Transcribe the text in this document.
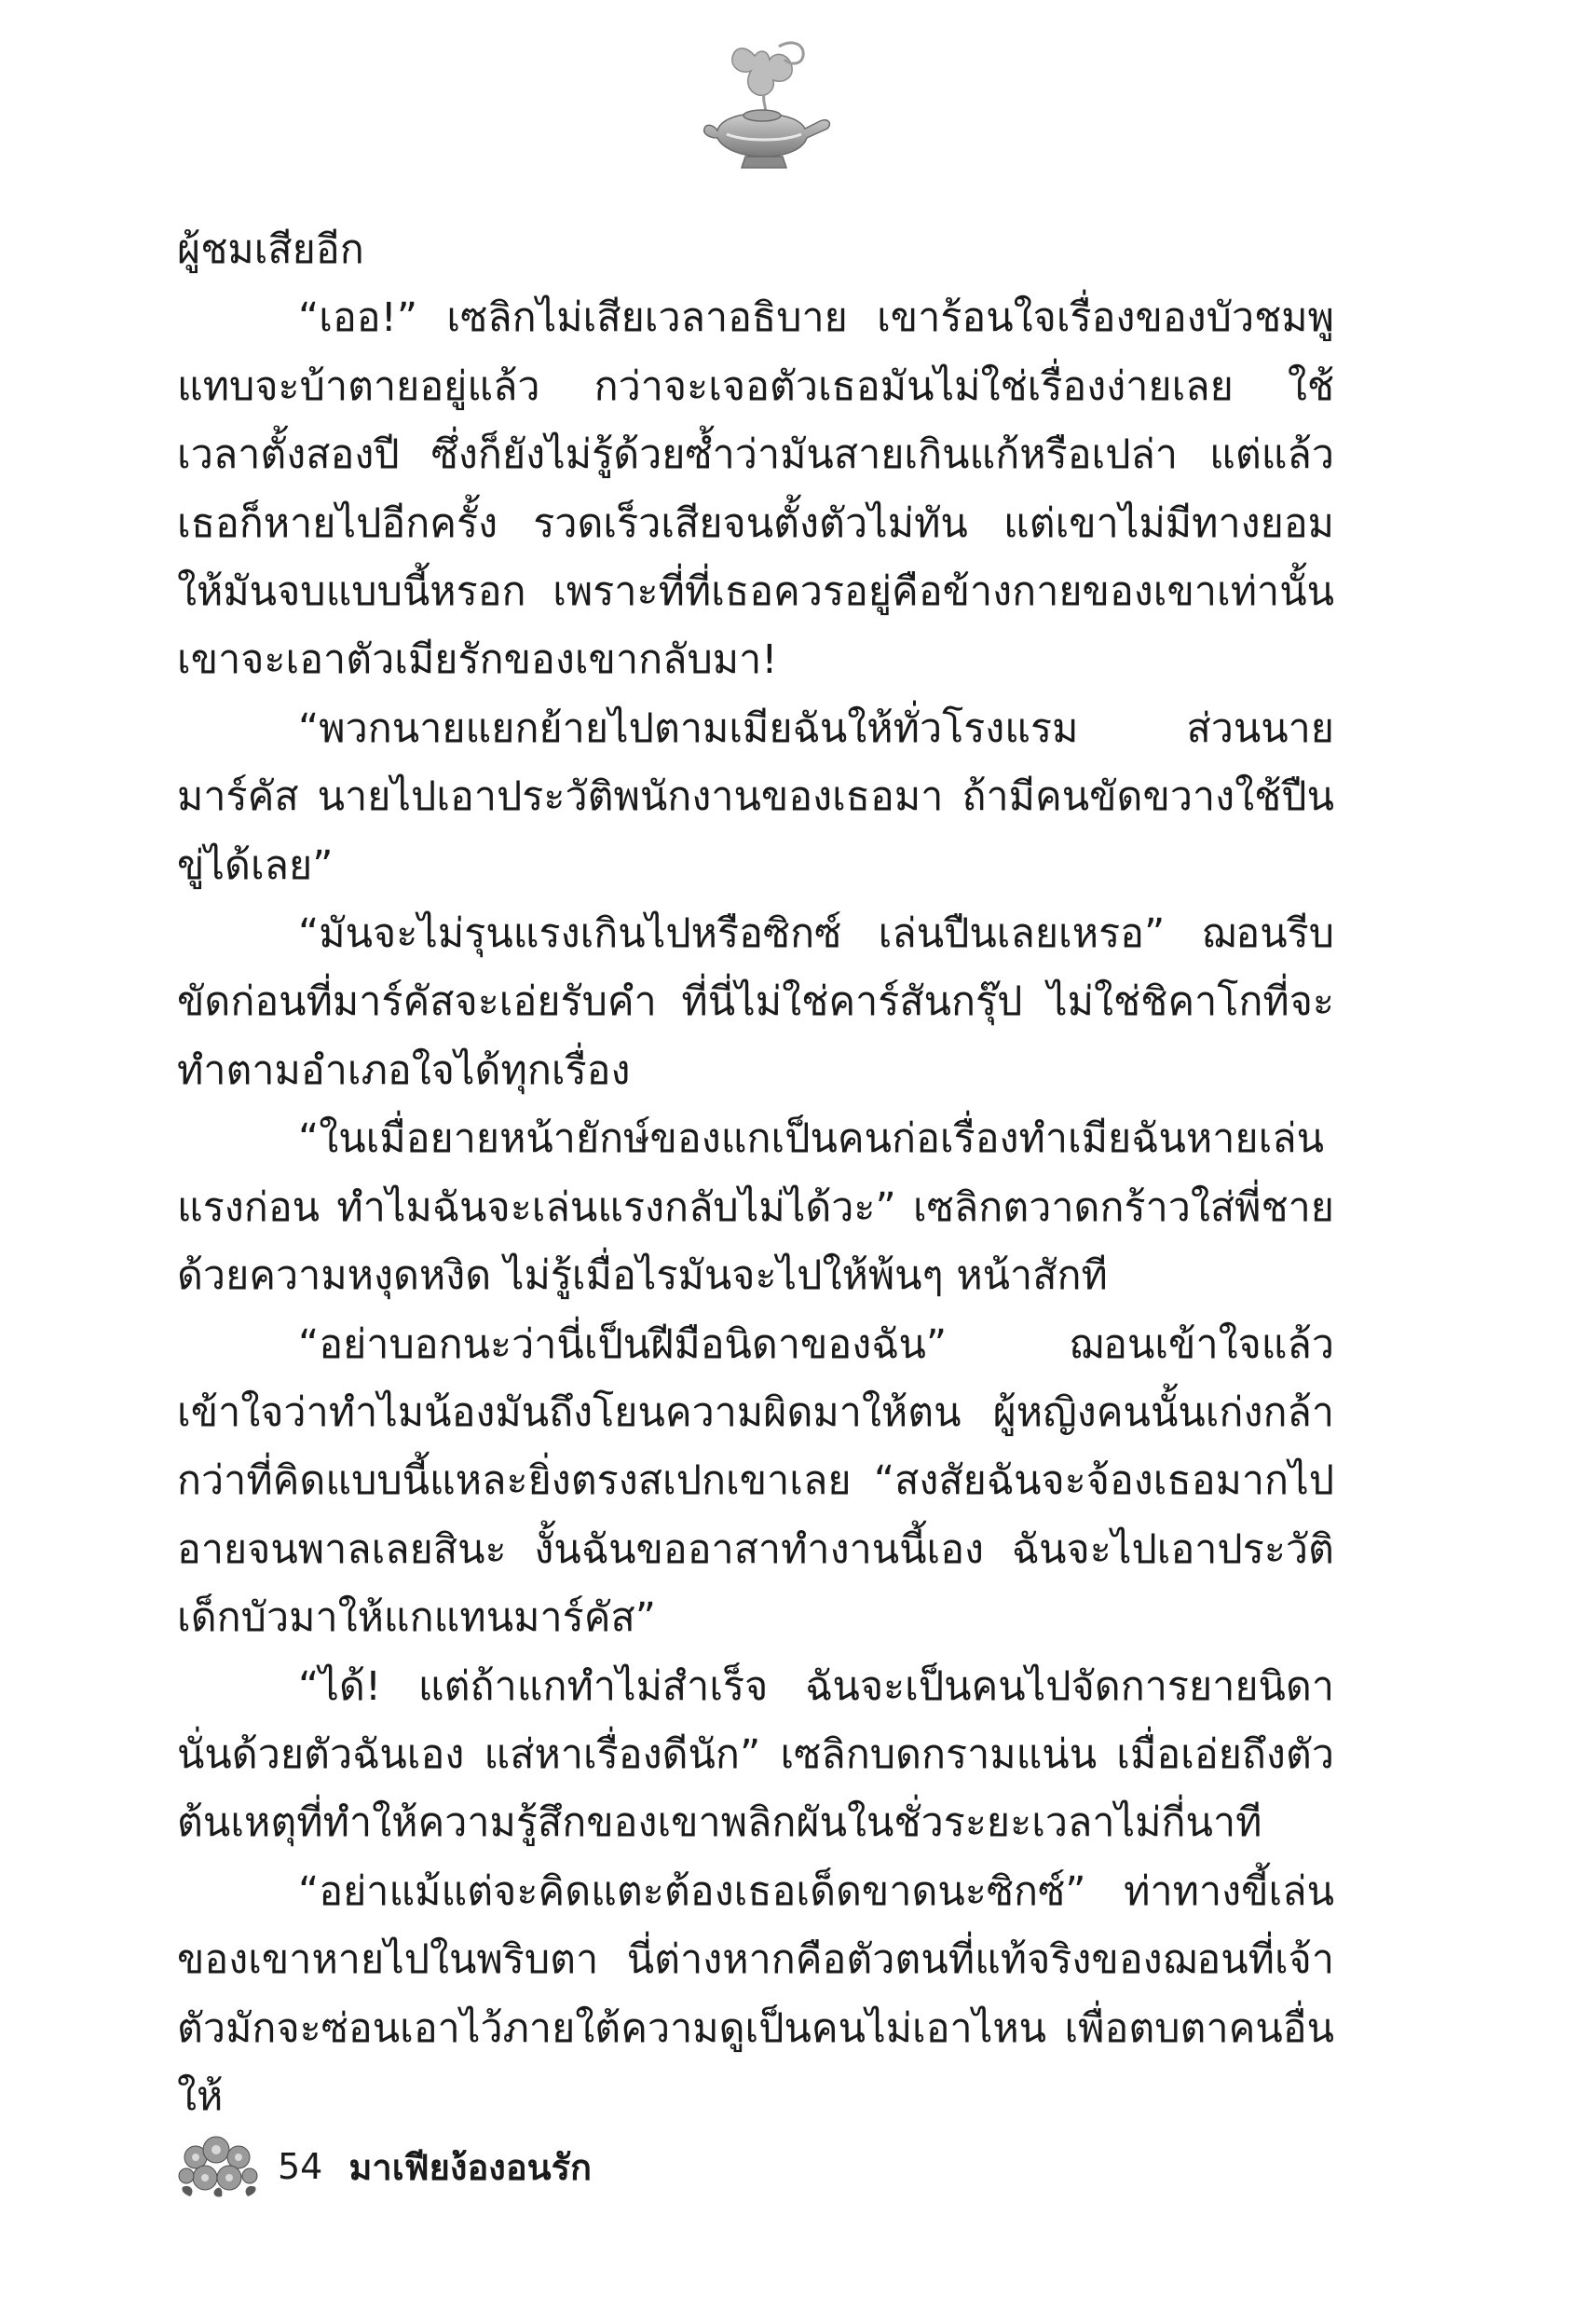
ผู้ชมเสียอีก

“เออ!” เซลิกไม่เสียเวลาอธิบาย เขาร้อนใจเรื่องของบัวชมพูแทบจะบ้าตายอยู่แล้ว กว่าจะเจอตัวเธอมันไม่ใช่เรื่องง่ายเลย ใช้เวลาตั้งสองปี ซึ่งก็ยังไม่รู้ด้วยซ้ำว่ามันสายเกินแก้หรือเปล่า แต่แล้วเธอก็หายไปอีกครั้ง รวดเร็วเสียจนตั้งตัวไม่ทัน แต่เขาไม่มีทางยอมให้มันจบแบบนี้หรอก เพราะที่ที่เธอควรอยู่คือข้างกายของเขาเท่านั้น เขาจะเอาตัวเมียรักของเขากลับมา!

“พวกนายแยกย้ายไปตามเมียฉันให้ทั่วโรงแรม ส่วนนาย มาร์คัส นายไปเอาประวัติพนักงานของเธอมา ถ้ามีคนขัดขวางใช้ปืนขู่ได้เลย”

“มันจะไม่รุนแรงเกินไปหรือซิกซ์ เล่นปืนเลยเหรอ” ฌอนรีบขัดก่อนที่มาร์คัสจะเอ่ยรับคำ ที่นี่ไม่ใช่คาร์สันกรุ๊ป ไม่ใช่ชิคาโกที่จะทำตามอำเภอใจได้ทุกเรื่อง

“ในเมื่อยายหน้ายักษ์ของแกเป็นคนก่อเรื่องทำเมียฉันหายเล่นแรงก่อน ทำไมฉันจะเล่นแรงกลับไม่ได้วะ” เซลิกตวาดกร้าวใส่พี่ชายด้วยความหงุดหงิด ไม่รู้เมื่อไรมันจะไปให้พ้นๆ หน้าสักที

“อย่าบอกนะว่านี่เป็นฝีมือนิดาของฉัน” ฌอนเข้าใจแล้ว เข้าใจว่าทำไมน้องมันถึงโยนความผิดมาให้ตน ผู้หญิงคนนั้นเก่งกล้ากว่าที่คิดแบบนี้แหละยิ่งตรงสเปกเขาเลย “สงสัยฉันจะจ้องเธอมากไป อายจนพาลเลยสินะ งั้นฉันขออาสาทำงานนี้เอง ฉันจะไปเอาประวัติเด็กบัวมาให้แกแทนมาร์คัส”

“ได้! แต่ถ้าแกทำไม่สำเร็จ ฉันจะเป็นคนไปจัดการยายนิดานั่นด้วยตัวฉันเอง แส่หาเรื่องดีนัก” เซลิกบดกรามแน่น เมื่อเอ่ยถึงตัวต้นเหตุที่ทำให้ความรู้สึกของเขาพลิกผันในชั่วระยะเวลาไม่กี่นาที

“อย่าแม้แต่จะคิดแตะต้องเธอเด็ดขาดนะซิกซ์” ท่าทางขี้เล่นของเขาหายไปในพริบตา นี่ต่างหากคือตัวตนที่แท้จริงของฌอนที่เจ้าตัวมักจะซ่อนเอาไว้ภายใต้ความดูเป็นคนไม่เอาไหน เพื่อตบตาคนอื่นให้

54 มาเฟียง้องอนรัก
